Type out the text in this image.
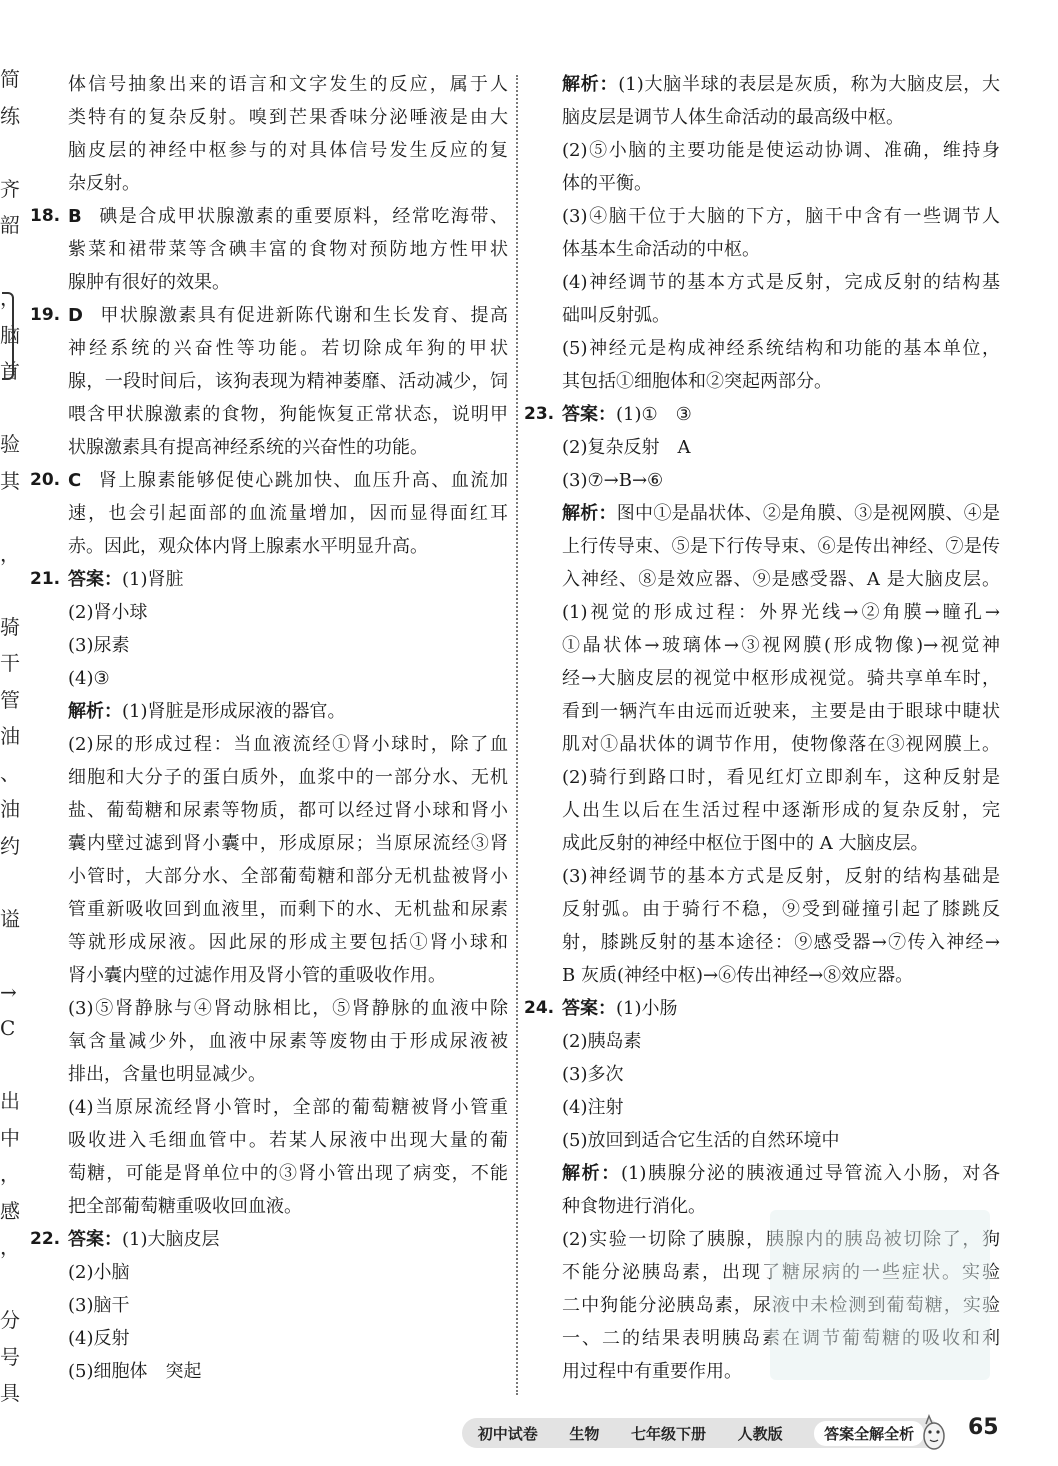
简
练
齐
韶
，
脑
首
验
其
，
骑
干
管
油
、
油
约
谥
→
C
出
中
，
感
，
分
号
具
体信号抽象出来的语言和文字发生的反应，属于人
类特有的复杂反射。嗅到芒果香味分泌唾液是由大
脑皮层的神经中枢参与的对具体信号发生反应的复
杂反射。
18. B 碘是合成甲状腺激素的重要原料，经常吃海带、
紫菜和裙带菜等含碘丰富的食物对预防地方性甲状
腺肿有很好的效果。
19. D 甲状腺激素具有促进新陈代谢和生长发育、提高
神经系统的兴奋性等功能。若切除成年狗的甲状
腺，一段时间后，该狗表现为精神萎靡、活动减少，饲
喂含甲状腺激素的食物，狗能恢复正常状态，说明甲
状腺激素具有提高神经系统的兴奋性的功能。
20. C 肾上腺素能够促使心跳加快、血压升高、血流加
速，也会引起面部的血流量增加，因而显得面红耳
赤。因此，观众体内肾上腺素水平明显升高。
21. 答案：(1)肾脏
(2)肾小球
(3)尿素
(4)③
解析：(1)肾脏是形成尿液的器官。
(2)尿的形成过程：当血液流经①肾小球时，除了血
细胞和大分子的蛋白质外，血浆中的一部分水、无机
盐、葡萄糖和尿素等物质，都可以经过肾小球和肾小
囊内壁过滤到肾小囊中，形成原尿；当原尿流经③肾
小管时，大部分水、全部葡萄糖和部分无机盐被肾小
管重新吸收回到血液里，而剩下的水、无机盐和尿素
等就形成尿液。因此尿的形成主要包括①肾小球和
肾小囊内壁的过滤作用及肾小管的重吸收作用。
(3)⑤肾静脉与④肾动脉相比，⑤肾静脉的血液中除
氧含量减少外，血液中尿素等废物由于形成尿液被
排出，含量也明显减少。
(4)当原尿流经肾小管时，全部的葡萄糖被肾小管重
吸收进入毛细血管中。若某人尿液中出现大量的葡
萄糖，可能是肾单位中的③肾小管出现了病变，不能
把全部葡萄糖重吸收回血液。
22. 答案：(1)大脑皮层
(2)小脑
(3)脑干
(4)反射
(5)细胞体　突起
解析：(1)大脑半球的表层是灰质，称为大脑皮层，大
脑皮层是调节人体生命活动的最高级中枢。
(2)⑤小脑的主要功能是使运动协调、准确，维持身
体的平衡。
(3)④脑干位于大脑的下方，脑干中含有一些调节人
体基本生命活动的中枢。
(4)神经调节的基本方式是反射，完成反射的结构基
础叫反射弧。
(5)神经元是构成神经系统结构和功能的基本单位，
其包括①细胞体和②突起两部分。
23. 答案：(1)①　③
(2)复杂反射　A
(3)⑦→B→⑥
解析：图中①是晶状体、②是角膜、③是视网膜、④是
上行传导束、⑤是下行传导束、⑥是传出神经、⑦是传
入神经、⑧是效应器、⑨是感受器、A 是大脑皮层。
(1)视觉的形成过程：外界光线→②角膜→瞳孔→
①晶状体→玻璃体→③视网膜(形成物像)→视觉神
经→大脑皮层的视觉中枢形成视觉。骑共享单车时，
看到一辆汽车由远而近驶来，主要是由于眼球中睫状
肌对①晶状体的调节作用，使物像落在③视网膜上。
(2)骑行到路口时，看见红灯立即刹车，这种反射是
人出生以后在生活过程中逐渐形成的复杂反射，完
成此反射的神经中枢位于图中的 A 大脑皮层。
(3)神经调节的基本方式是反射，反射的结构基础是
反射弧。由于骑行不稳，⑨受到碰撞引起了膝跳反
射，膝跳反射的基本途径：⑨感受器→⑦传入神经→
B 灰质(神经中枢)→⑥传出神经→⑧效应器。
24. 答案：(1)小肠
(2)胰岛素
(3)多次
(4)注射
(5)放回到适合它生活的自然环境中
解析：(1)胰腺分泌的胰液通过导管流入小肠，对各
种食物进行消化。
(2)实验一切除了胰腺，胰腺内的胰岛被切除了，狗
不能分泌胰岛素，出现了糖尿病的一些症状。实验
二中狗能分泌胰岛素，尿液中未检测到葡萄糖，实验
一、二的结果表明胰岛素在调节葡萄糖的吸收和利
用过程中有重要作用。
初中试卷 生物 七年级下册 人教版	答案全解全析	65
